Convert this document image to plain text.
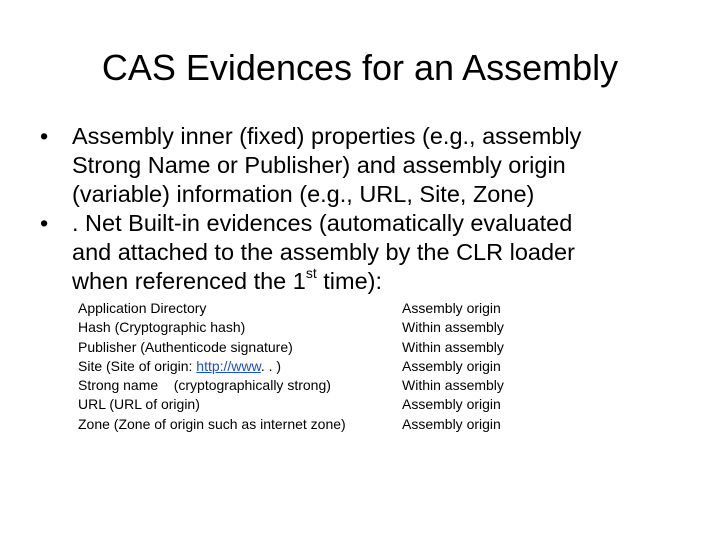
CAS Evidences for an Assembly
• Assembly inner (fixed) properties (e.g., assembly
Strong Name or Publisher) and assembly origin
(variable) information (e.g., URL, Site, Zone)
• . Net Built-in evidences (automatically evaluated
and attached to the assembly by the CLR loader
when referenced the 1st time):
Application Directory	Assembly origin
Hash (Cryptographic hash)	Within assembly
Publisher (Authenticode signature)	Within assembly
Site (Site of origin: http://www. . )	Assembly origin
Strong name    (cryptographically strong)	Within assembly
URL (URL of origin)	Assembly origin
Zone (Zone of origin such as internet zone)	Assembly origin
